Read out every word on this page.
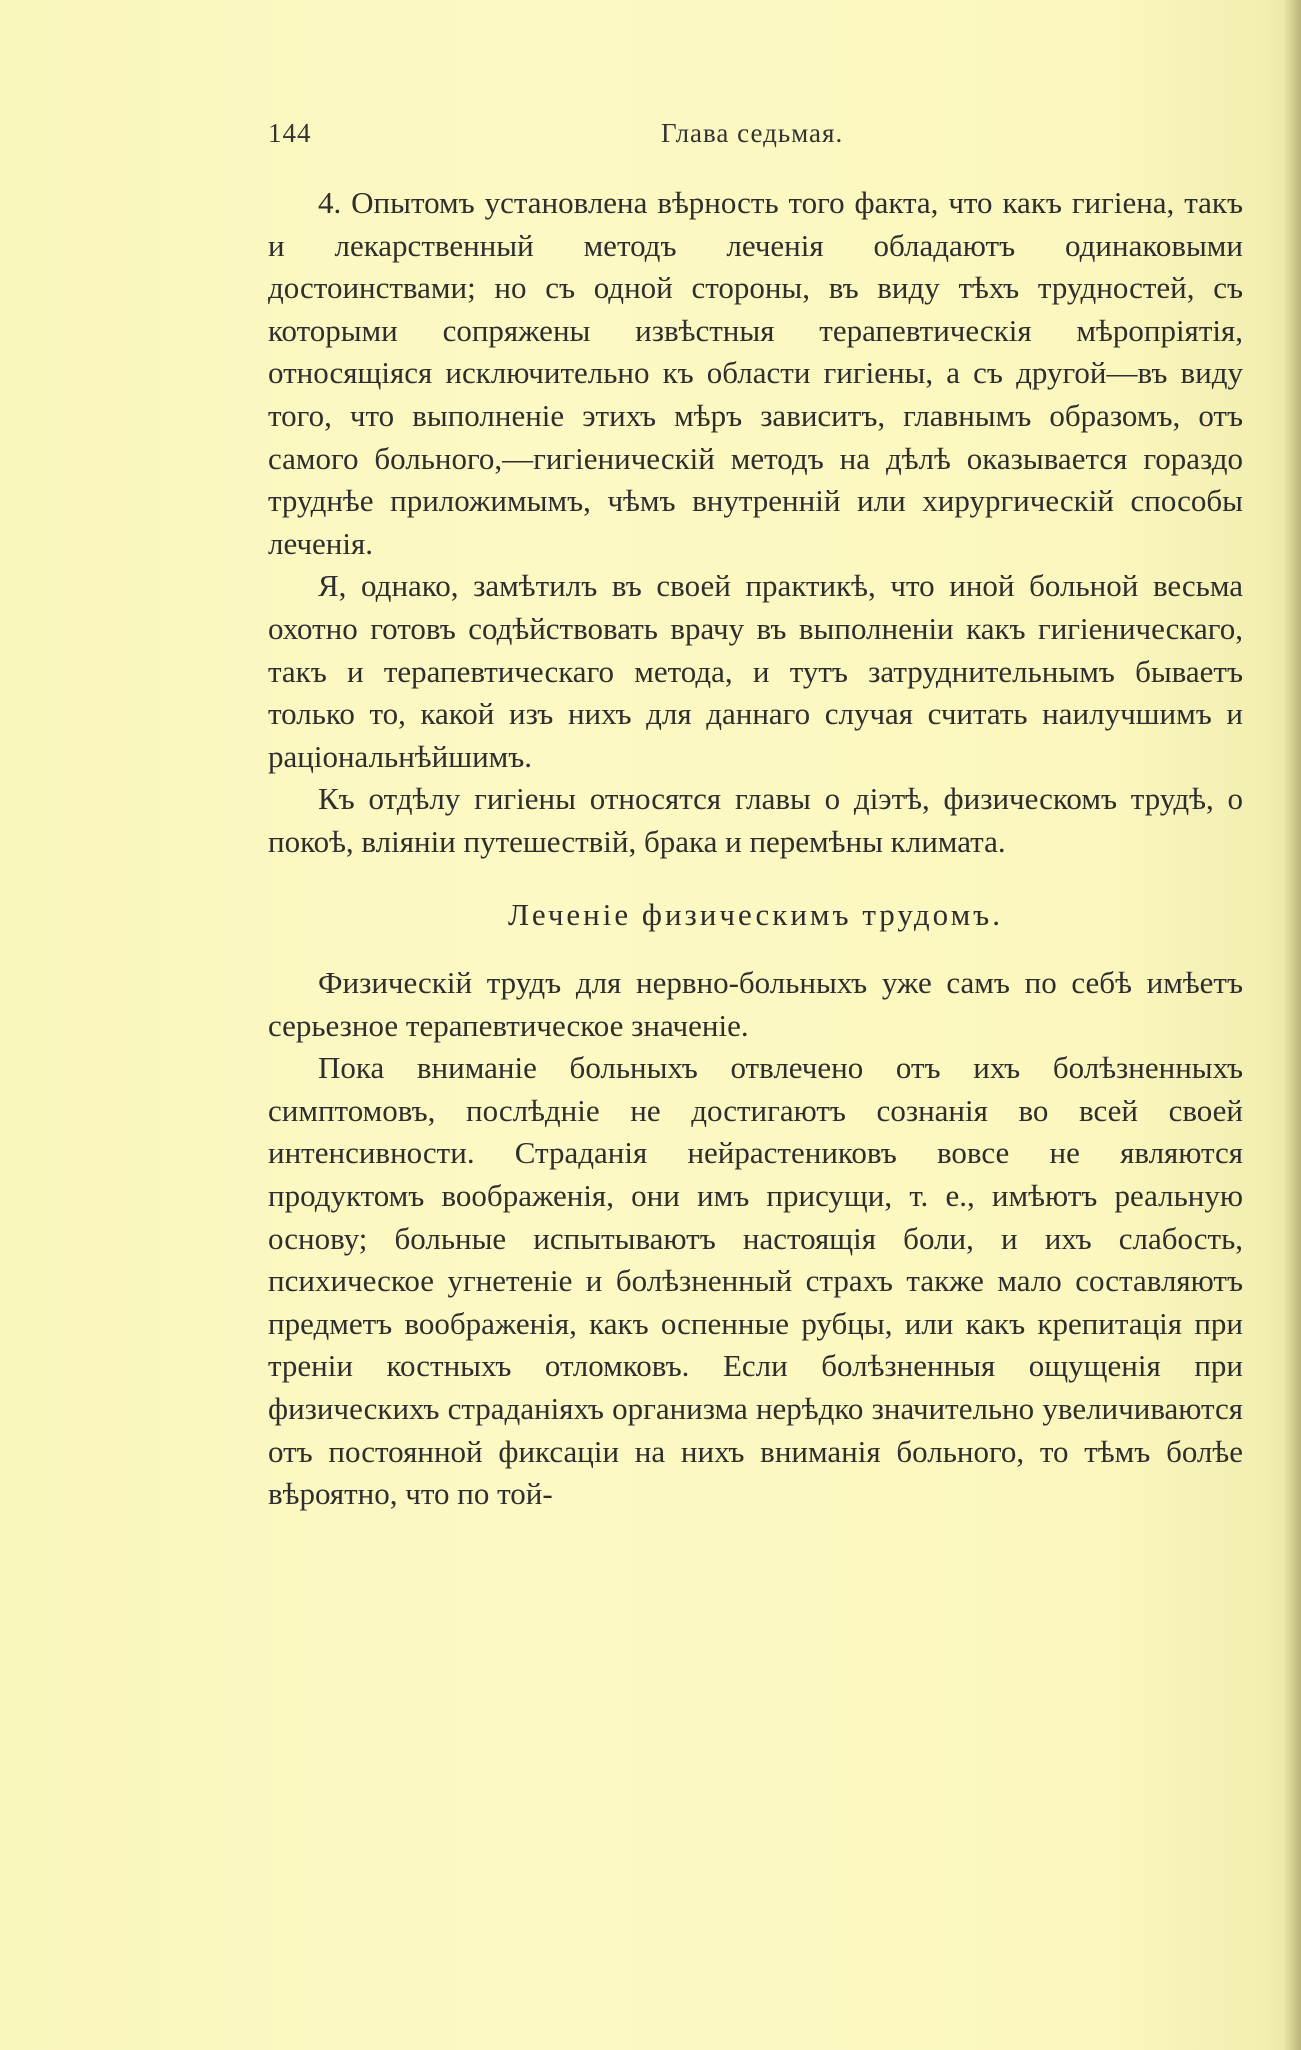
144	Глава седьмая.

4. Опытомъ установлена вѣрность того факта, что какъ гигіена, такъ и лекарственный методъ леченія обладаютъ одинаковыми достоинствами; но съ одной стороны, въ виду тѣхъ трудностей, съ которыми сопряжены извѣстныя терапевтическія мѣропріятія, относящіяся исключительно къ области гигіены, а съ другой—въ виду того, что выполненіе этихъ мѣръ зависитъ, главнымъ образомъ, отъ самого больного,—гигіеническій методъ на дѣлѣ оказывается гораздо труднѣе приложимымъ, чѣмъ внутренній или хирургическій способы леченія.

Я, однако, замѣтилъ въ своей практикѣ, что иной больной весьма охотно готовъ содѣйствовать врачу въ выполненіи какъ гигіеническаго, такъ и терапевтическаго метода, и тутъ затруднительнымъ бываетъ только то, какой изъ нихъ для даннаго случая считать наилучшимъ и раціональнѣйшимъ.

Къ отдѣлу гигіены относятся главы о діэтѣ, физическомъ трудѣ, о покоѣ, вліяніи путешествій, брака и перемѣны климата.

Леченіе физическимъ трудомъ.

Физическій трудъ для нервно-больныхъ уже самъ по себѣ имѣетъ серьезное терапевтическое значеніе.

Пока вниманіе больныхъ отвлечено отъ ихъ болѣзненныхъ симптомовъ, послѣдніе не достигаютъ сознанія во всей своей интенсивности. Страданія нейрастениковъ вовсе не являются продуктомъ воображенія, они имъ присущи, т. е., имѣютъ реальную основу; больные испытываютъ настоящія боли, и ихъ слабость, психическое угнетеніе и болѣзненный страхъ также мало составляютъ предметъ воображенія, какъ оспенные рубцы, или какъ крепитація при треніи костныхъ отломковъ. Если болѣзненныя ощущенія при физическихъ страданіяхъ организма нерѣдко значительно увеличиваются отъ постоянной фиксаціи на нихъ вниманія больного, то тѣмъ болѣе вѣроятно, что по той-
